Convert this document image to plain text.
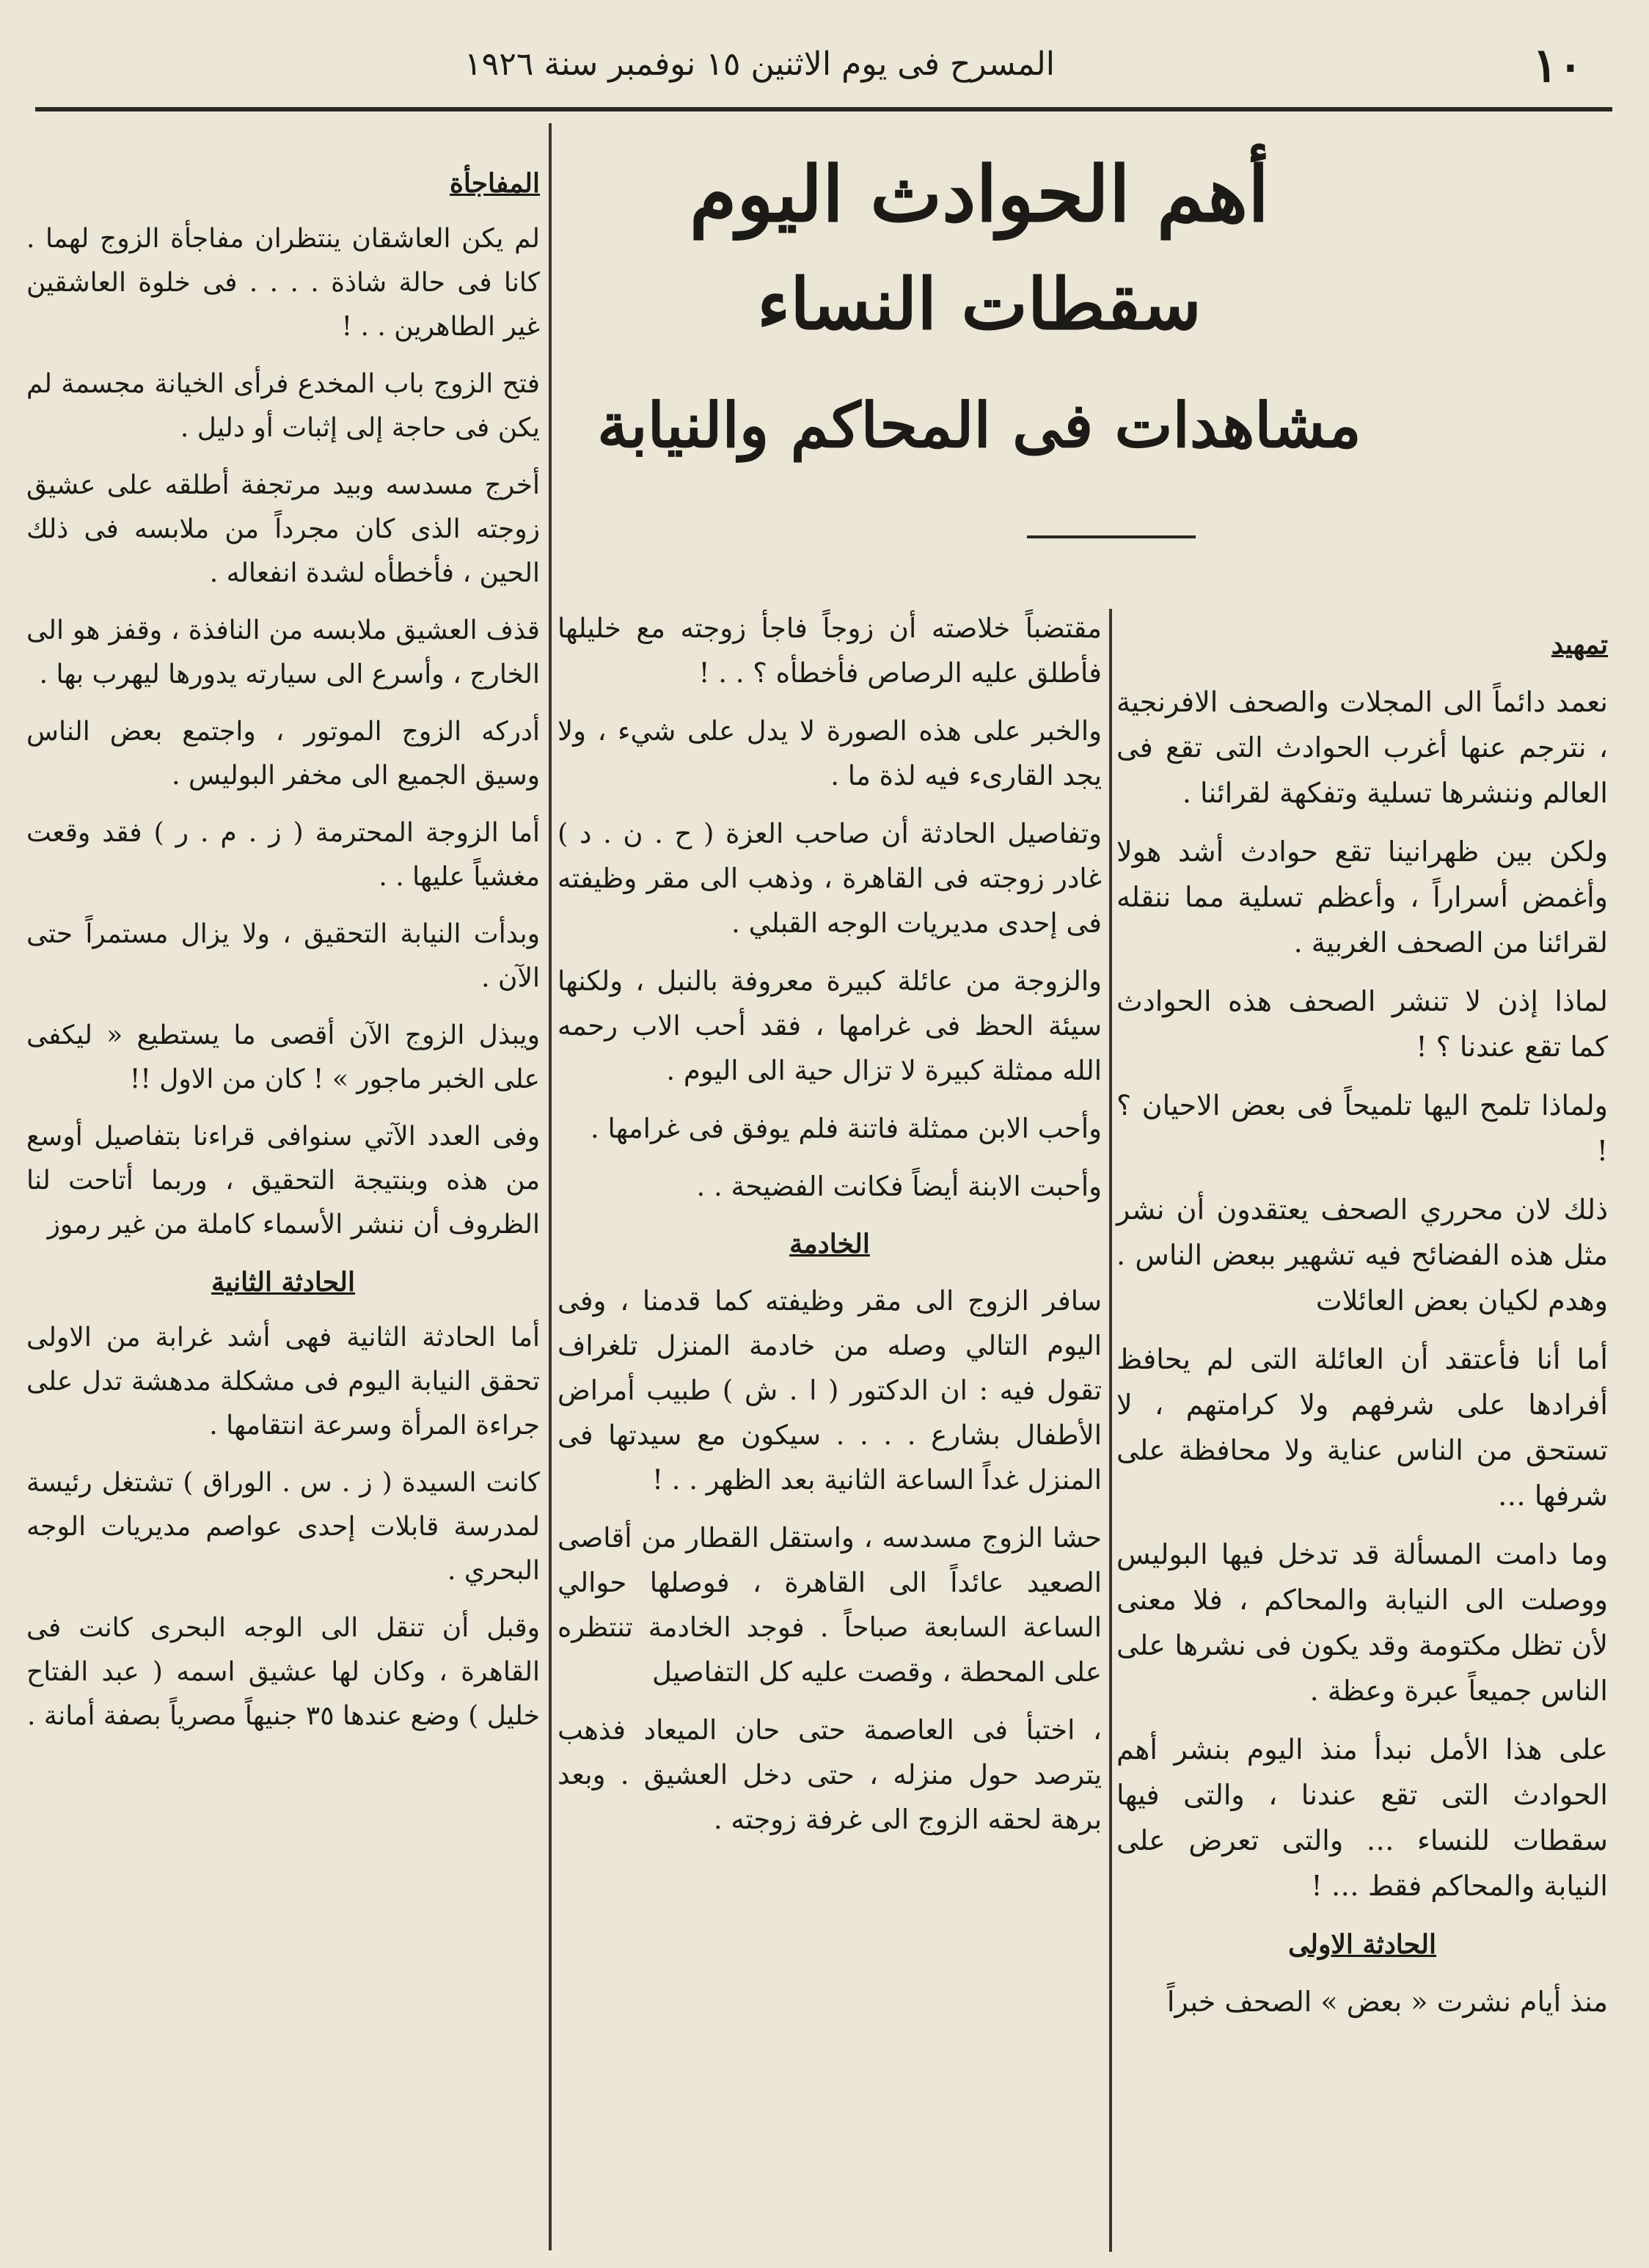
١٠
المسرح فى يوم الاثنين ١٥ نوفمبر سنة ١٩٢٦
أهم الحوادث اليوم
سقطات النساء
مشاهدات فى المحاكم والنيابة
تمهيد

نعمد دائماً الى المجلات والصحف الافرنجية ، نترجم عنها أغرب الحوادث التى تقع فى العالم وننشرها تسلية وتفكهة لقرائنا .

ولكن بين ظهرانينا تقع حوادث أشد هولا وأغمض أسراراً ، وأعظم تسلية مما ننقله لقرائنا من الصحف الغربية .

لماذا إذن لا تنشر الصحف هذه الحوادث كما تقع عندنا ؟ !

ولماذا تلمح اليها تلميحاً فى بعض الاحيان ؟ !

ذلك لان محرري الصحف يعتقدون أن نشر مثل هذه الفضائح فيه تشهير ببعض الناس . وهدم لكيان بعض العائلات

أما أنا فأعتقد أن العائلة التى لم يحافظ أفرادها على شرفهم ولا كرامتهم ، لا تستحق من الناس عناية ولا محافظة على شرفها …

وما دامت المسألة قد تدخل فيها البوليس ووصلت الى النيابة والمحاكم ، فلا معنى لأن تظل مكتومة وقد يكون فى نشرها على الناس جميعاً عبرة وعظة .

على هذا الأمل نبدأ منذ اليوم بنشر أهم الحوادث التى تقع عندنا ، والتى فيها سقطات للنساء … والتى تعرض على النيابة والمحاكم فقط … !

الحادثة الاولى

منذ أيام نشرت « بعض » الصحف خبراً

مقتضباً خلاصته أن زوجاً فاجأ زوجته مع خليلها فأطلق عليه الرصاص فأخطأه ؟ . . !

والخبر على هذه الصورة لا يدل على شيء ، ولا يجد القارىء فيه لذة ما .

وتفاصيل الحادثة أن صاحب العزة ( ح . ن . د ) غادر زوجته فى القاهرة ، وذهب الى مقر وظيفته فى إحدى مديريات الوجه القبلي .

والزوجة من عائلة كبيرة معروفة بالنبل ، ولكنها سيئة الحظ فى غرامها ، فقد أحب الاب رحمه الله ممثلة كبيرة لا تزال حية الى اليوم .

وأحب الابن ممثلة فاتنة فلم يوفق فى غرامها .

وأحبت الابنة أيضاً فكانت الفضيحة . .

الخادمة

سافر الزوج الى مقر وظيفته كما قدمنا ، وفى اليوم التالي وصله من خادمة المنزل تلغراف تقول فيه : ان الدكتور ( ا . ش ) طبيب أمراض الأطفال بشارع . . . . سيكون مع سيدتها فى المنزل غداً الساعة الثانية بعد الظهر . . !

حشا الزوج مسدسه ، واستقل القطار من أقاصى الصعيد عائداً الى القاهرة ، فوصلها حوالي الساعة السابعة صباحاً . فوجد الخادمة تنتظره على المحطة ، وقصت عليه كل التفاصيل

، اختبأ فى العاصمة حتى حان الميعاد فذهب يترصد حول منزله ، حتى دخل العشيق . وبعد برهة لحقه الزوج الى غرفة زوجته .

المفاجأة

لم يكن العاشقان ينتظران مفاجأة الزوج لهما . كانا فى حالة شاذة . . . . فى خلوة العاشقين غير الطاهرين . . !

فتح الزوج باب المخدع فرأى الخيانة مجسمة لم يكن فى حاجة إلى إثبات أو دليل .

أخرج مسدسه وبيد مرتجفة أطلقه على عشيق زوجته الذى كان مجرداً من ملابسه فى ذلك الحين ، فأخطأه لشدة انفعاله .

قذف العشيق ملابسه من النافذة ، وقفز هو الى الخارج ، وأسرع الى سيارته يدورها ليهرب بها .

أدركه الزوج الموتور ، واجتمع بعض الناس وسيق الجميع الى مخفر البوليس .

أما الزوجة المحترمة ( ز . م . ر ) فقد وقعت مغشياً عليها . .

وبدأت النيابة التحقيق ، ولا يزال مستمراً حتى الآن .

ويبذل الزوج الآن أقصى ما يستطيع « ليكفى على الخبر ماجور » ! كان من الاول !!

وفى العدد الآتي سنوافى قراءنا بتفاصيل أوسع من هذه وبنتيجة التحقيق ، وربما أتاحت لنا الظروف أن ننشر الأسماء كاملة من غير رموز

الحادثة الثانية

أما الحادثة الثانية فهى أشد غرابة من الاولى تحقق النيابة اليوم فى مشكلة مدهشة تدل على جراءة المرأة وسرعة انتقامها .

كانت السيدة ( ز . س . الوراق ) تشتغل رئيسة لمدرسة قابلات إحدى عواصم مديريات الوجه البحري .

وقبل أن تنقل الى الوجه البحرى كانت فى القاهرة ، وكان لها عشيق اسمه ( عبد الفتاح خليل ) وضع عندها ٣٥ جنيهاً مصرياً بصفة أمانة .
